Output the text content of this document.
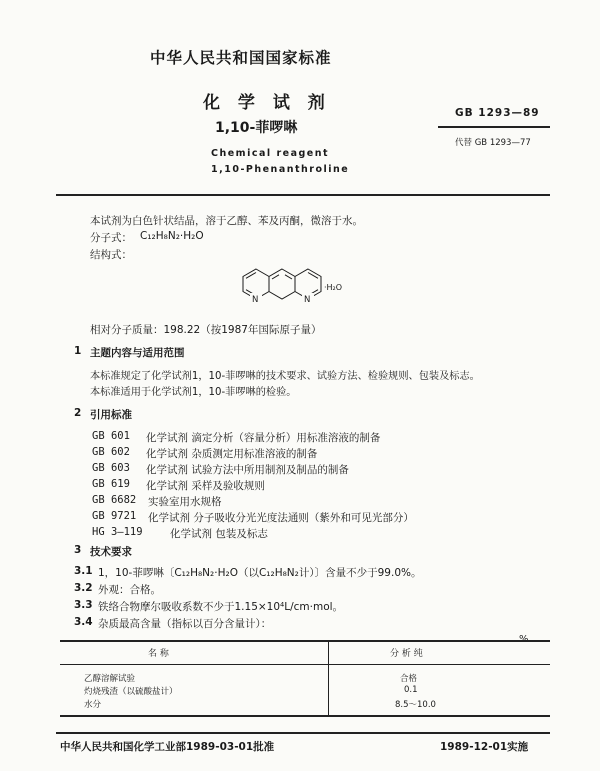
中华人民共和国国家标准
化 学 试 剂
1,10-菲啰啉
GB 1293—89
代替 GB 1293—77
Chemical reagent
1,10-Phenanthroline
本试剂为白色针状结晶，溶于乙醇、苯及丙酮，微溶于水。
分子式： C₁₂H₈N₂·H₂O
结构式：
N	N
·H₂O
相对分子质量：198.22（按1987年国际原子量）
1 主题内容与适用范围
本标准规定了化学试剂1，10-菲啰啉的技术要求、试验方法、检验规则、包装及标志。
本标准适用于化学试剂1，10-菲啰啉的检验。
2 引用标准
GB 601 化学试剂 滴定分析（容量分析）用标准溶液的制备
GB 602 化学试剂 杂质测定用标准溶液的制备
GB 603 化学试剂 试验方法中所用制剂及制品的制备
GB 619 化学试剂 采样及验收规则
GB 6682 实验室用水规格
GB 9721 化学试剂 分子吸收分光光度法通则（紫外和可见光部分）
HG 3—119	化学试剂 包装及标志
3 技术要求
3.1 1，10-菲啰啉〔C₁₂H₈N₂·H₂O（以C₁₂H₈N₂计）〕含量不少于99.0%。
3.2 外观：合格。
3.3 铁络合物摩尔吸收系数不少于1.15×10⁴L/cm·mol。
3.4 杂质最高含量（指标以百分含量计）：
名 称	分 析 纯
乙醇溶解试验	合格
灼烧残渣（以硫酸盐计）	0.1
水分	8.5～10.0
中华人民共和国化学工业部1989-03-01批准	1989-12-01实施
